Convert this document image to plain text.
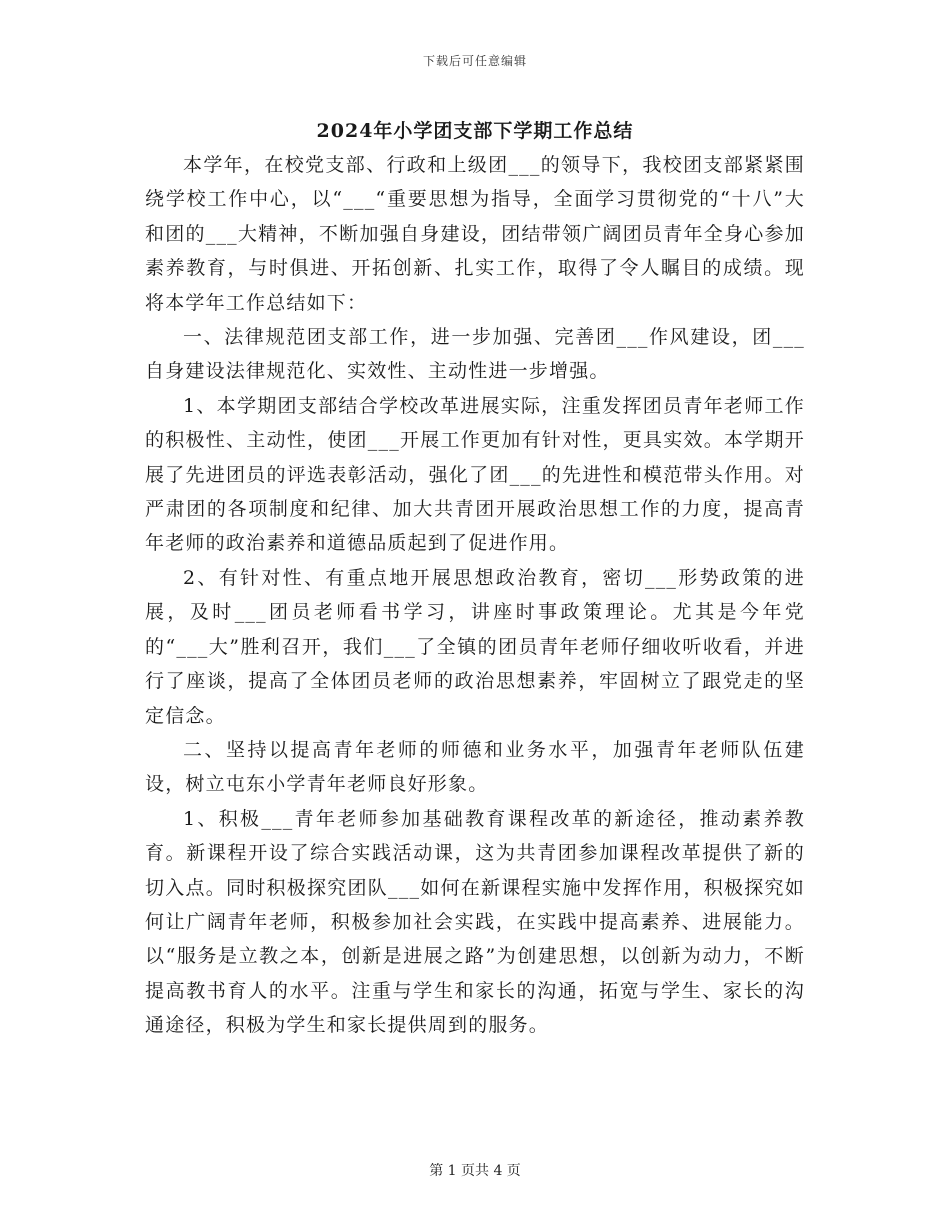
下载后可任意编辑
2024年小学团支部下学期工作总结

本学年，在校党支部、行政和上级团___的领导下，我校团支部紧紧围绕学校工作中心，以“___“重要思想为指导，全面学习贯彻党的“十八”大和团的___大精神，不断加强自身建设，团结带领广阔团员青年全身心参加素养教育，与时俱进、开拓创新、扎实工作，取得了令人瞩目的成绩。现将本学年工作总结如下：

一、法律规范团支部工作，进一步加强、完善团___作风建设，团___自身建设法律规范化、实效性、主动性进一步增强。

1、本学期团支部结合学校改革进展实际，注重发挥团员青年老师工作的积极性、主动性，使团___开展工作更加有针对性，更具实效。本学期开展了先进团员的评选表彰活动，强化了团___的先进性和模范带头作用。对严肃团的各项制度和纪律、加大共青团开展政治思想工作的力度，提高青年老师的政治素养和道德品质起到了促进作用。

2、有针对性、有重点地开展思想政治教育，密切___形势政策的进展，及时___团员老师看书学习，讲座时事政策理论。尤其是今年党的“___大”胜利召开，我们___了全镇的团员青年老师仔细收听收看，并进行了座谈，提高了全体团员老师的政治思想素养，牢固树立了跟党走的坚定信念。

二、坚持以提高青年老师的师德和业务水平，加强青年老师队伍建设，树立屯东小学青年老师良好形象。

1、积极___青年老师参加基础教育课程改革的新途径，推动素养教育。新课程开设了综合实践活动课，这为共青团参加课程改革提供了新的切入点。同时积极探究团队___如何在新课程实施中发挥作用，积极探究如何让广阔青年老师，积极参加社会实践，在实践中提高素养、进展能力。以“服务是立教之本，创新是进展之路”为创建思想，以创新为动力，不断提高教书育人的水平。注重与学生和家长的沟通，拓宽与学生、家长的沟通途径，积极为学生和家长提供周到的服务。

第 1 页共 4 页
